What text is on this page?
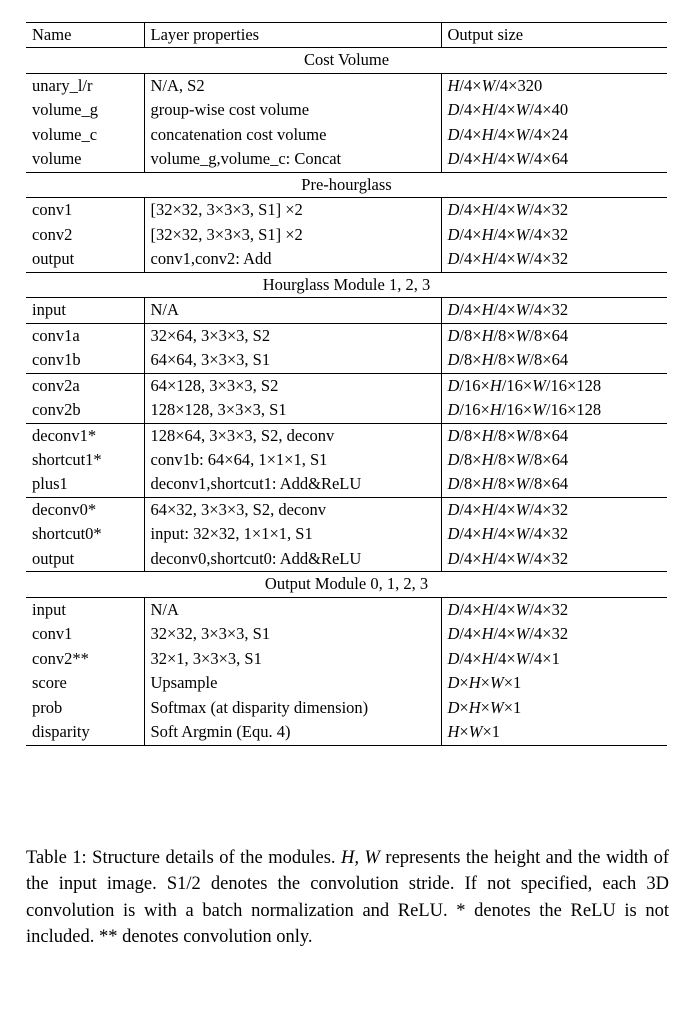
Name	Layer properties	Output size
Cost Volume		
unary_l/r	N/A, S2	H/4×W/4×320
volume_g	group-wise cost volume	D/4×H/4×W/4×40
volume_c	concatenation cost volume	D/4×H/4×W/4×24
volume	volume_g,volume_c: Concat	D/4×H/4×W/4×64
Pre-hourglass		
conv1	[32×32, 3×3×3, S1] ×2	D/4×H/4×W/4×32
conv2	[32×32, 3×3×3, S1] ×2	D/4×H/4×W/4×32
output	conv1,conv2: Add	D/4×H/4×W/4×32
Hourglass Module 1, 2, 3		
input	N/A	D/4×H/4×W/4×32
conv1a	32×64, 3×3×3, S2	D/8×H/8×W/8×64
conv1b	64×64, 3×3×3, S1	D/8×H/8×W/8×64
conv2a	64×128, 3×3×3, S2	D/16×H/16×W/16×128
conv2b	128×128, 3×3×3, S1	D/16×H/16×W/16×128
deconv1*	128×64, 3×3×3, S2, deconv	D/8×H/8×W/8×64
shortcut1*	conv1b: 64×64, 1×1×1, S1	D/8×H/8×W/8×64
plus1	deconv1,shortcut1: Add&ReLU	D/8×H/8×W/8×64
deconv0*	64×32, 3×3×3, S2, deconv	D/4×H/4×W/4×32
shortcut0*	input: 32×32, 1×1×1, S1	D/4×H/4×W/4×32
output	deconv0,shortcut0: Add&ReLU	D/4×H/4×W/4×32
Output Module 0, 1, 2, 3		
input	N/A	D/4×H/4×W/4×32
conv1	32×32, 3×3×3, S1	D/4×H/4×W/4×32
conv2**	32×1, 3×3×3, S1	D/4×H/4×W/4×1
score	Upsample	D×H×W×1
prob	Softmax (at disparity dimension)	D×H×W×1
disparity	Soft Argmin (Equ. 4)	H×W×1
Table 1: Structure details of the modules. H, W represents the height and the width of the input image. S1/2 denotes the convolution stride. If not specified, each 3D convolution is with a batch normalization and ReLU. * denotes the ReLU is not included. ** denotes convolution only.
